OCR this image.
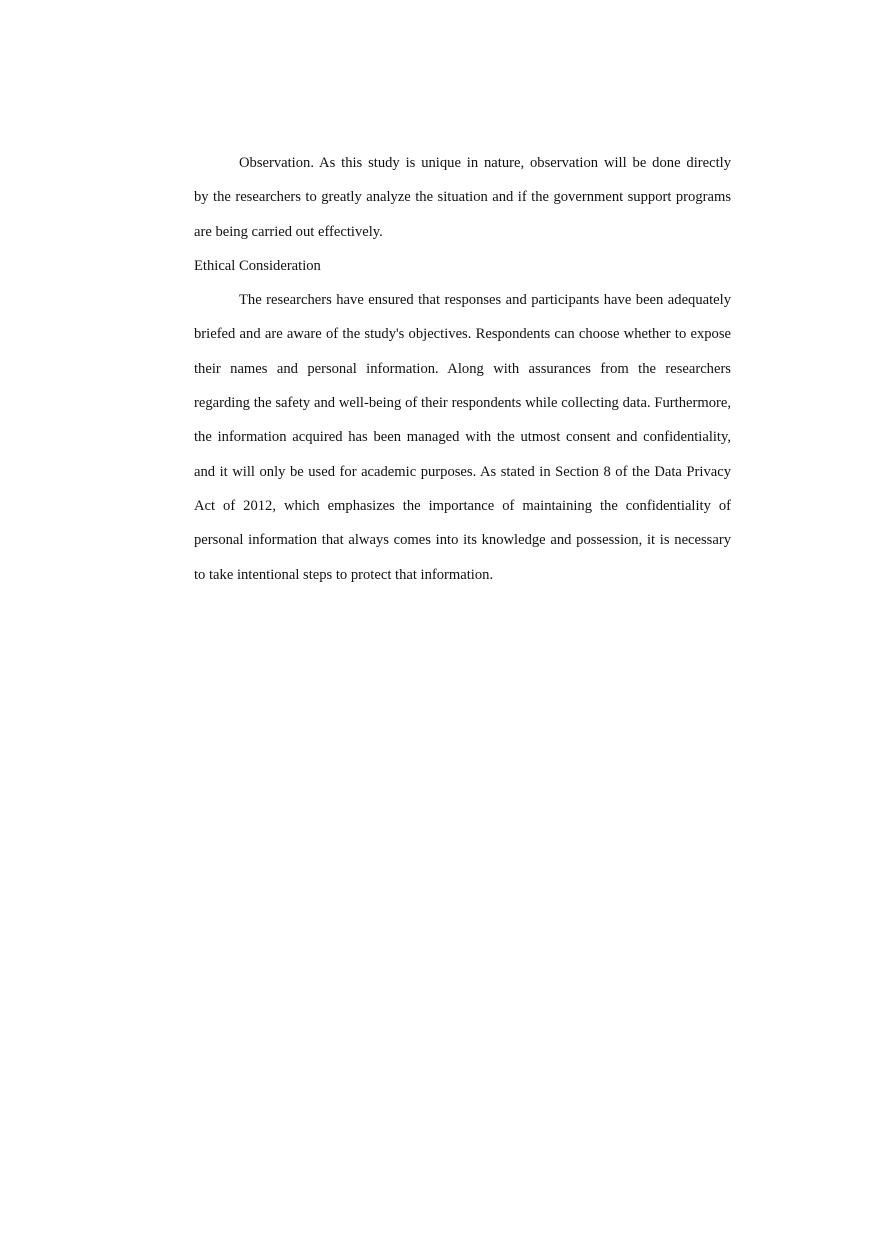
Observation. As this study is unique in nature, observation will be done directly
by the researchers to greatly analyze the situation and if the government support programs
are being carried out effectively.
Ethical Consideration
The researchers have ensured that responses and participants have been adequately
briefed and are aware of the study's objectives. Respondents can choose whether to expose
their names and personal information. Along with assurances from the researchers
regarding the safety and well-being of their respondents while collecting data. Furthermore,
the information acquired has been managed with the utmost consent and confidentiality,
and it will only be used for academic purposes. As stated in Section 8 of the Data Privacy
Act of 2012, which emphasizes the importance of maintaining the confidentiality of
personal information that always comes into its knowledge and possession, it is necessary
to take intentional steps to protect that information.
